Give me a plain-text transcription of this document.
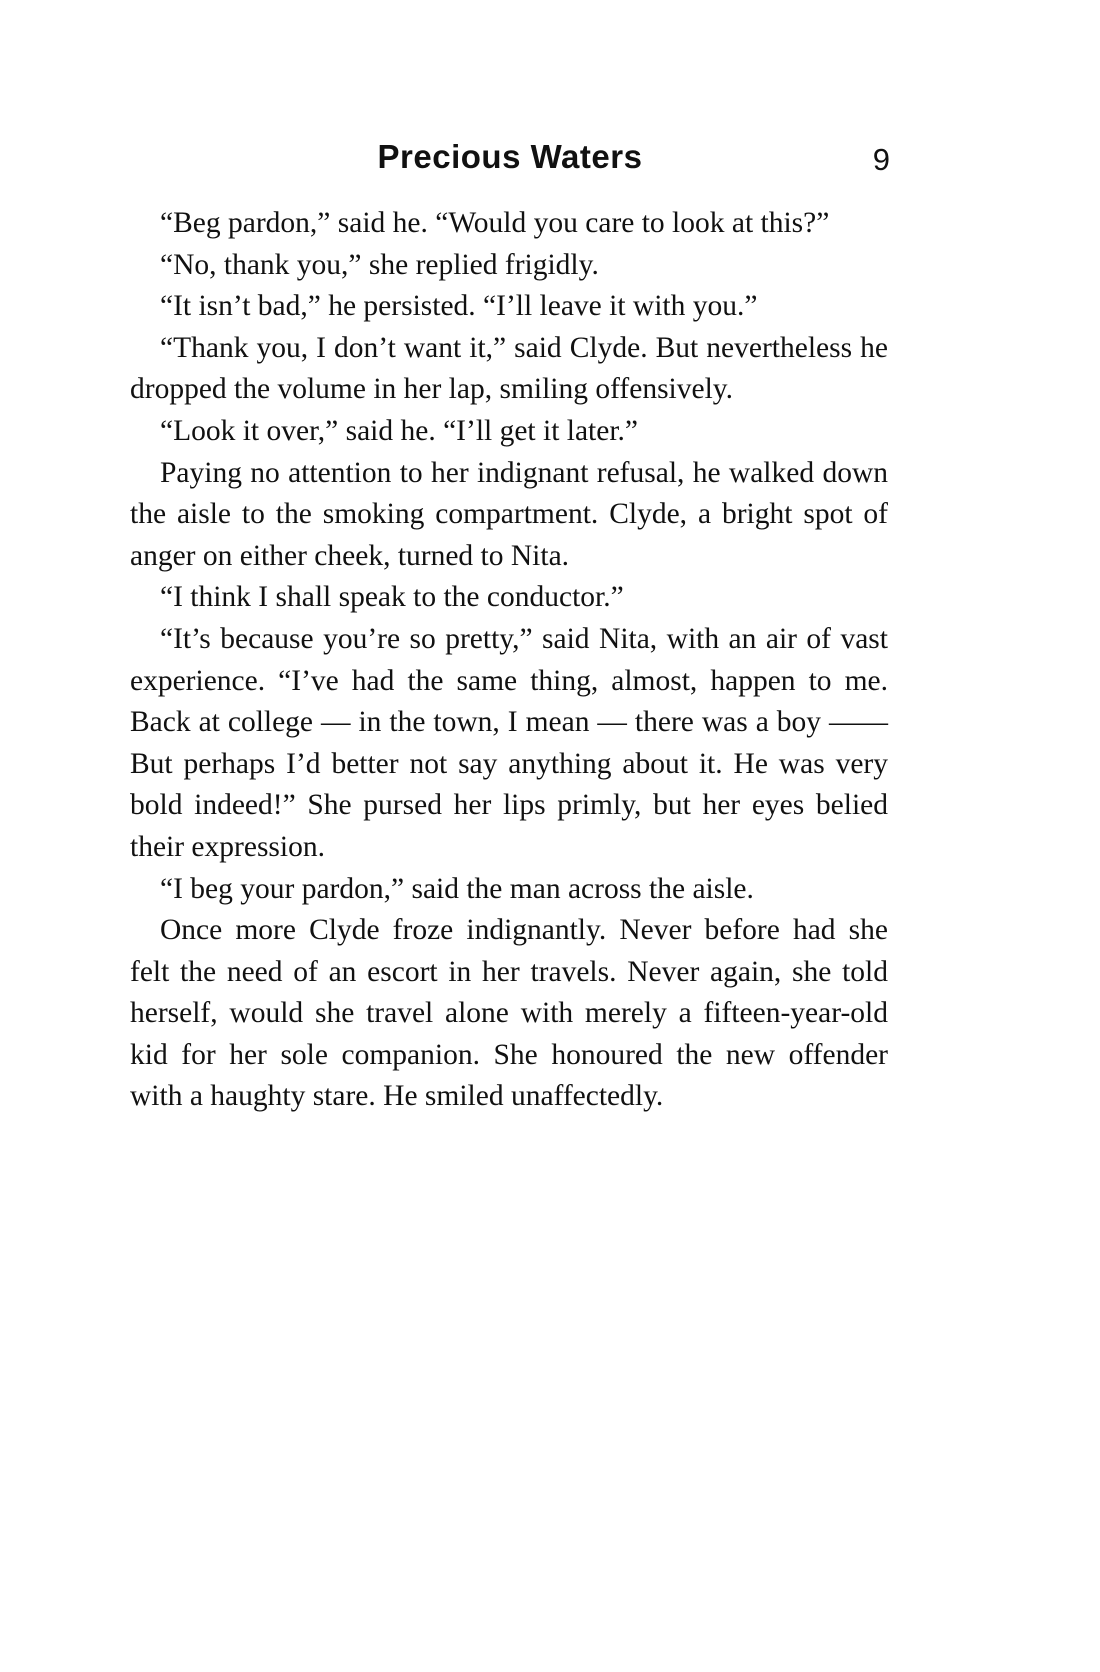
Precious Waters	9

“Beg pardon,” said he. “Would you care to look at this?”

“No, thank you,” she replied frigidly.

“It isn’t bad,” he persisted. “I’ll leave it with you.”

“Thank you, I don’t want it,” said Clyde. But nevertheless he dropped the volume in her lap, smiling offensively.

“Look it over,” said he. “I’ll get it later.”

Paying no attention to her indignant refusal, he walked down the aisle to the smoking compartment. Clyde, a bright spot of anger on either cheek, turned to Nita.

“I think I shall speak to the conductor.”

“It’s because you’re so pretty,” said Nita, with an air of vast experience. “I’ve had the same thing, almost, happen to me. Back at college — in the town, I mean — there was a boy —— But perhaps I’d better not say anything about it. He was very bold indeed!” She pursed her lips primly, but her eyes belied their expression.

“I beg your pardon,” said the man across the aisle.

Once more Clyde froze indignantly. Never before had she felt the need of an escort in her travels. Never again, she told herself, would she travel alone with merely a fifteen-year-old kid for her sole companion. She honoured the new offender with a haughty stare. He smiled unaffectedly.
